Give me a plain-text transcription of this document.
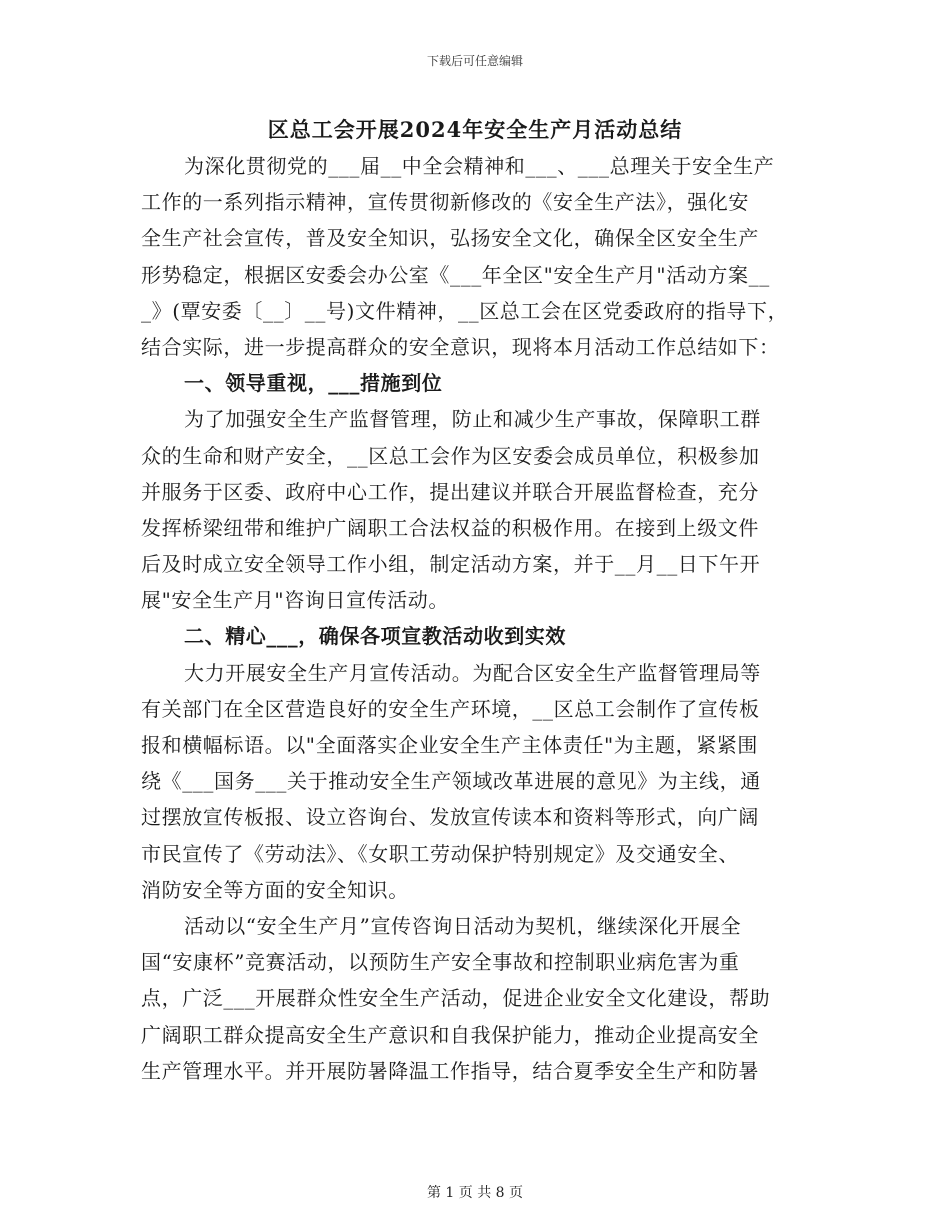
下载后可任意编辑
区总工会开展2024年安全生产月活动总结
为深化贯彻党的___届__中全会精神和___、___总理关于安全生产
工作的一系列指示精神，宣传贯彻新修改的《安全生产法》，强化安
全生产社会宣传，普及安全知识，弘扬安全文化，确保全区安全生产
形势稳定，根据区安委会办公室《___年全区"安全生产月"活动方案__
_》(覃安委〔__〕__号)文件精神，__区总工会在区党委政府的指导下，
结合实际，进一步提高群众的安全意识，现将本月活动工作总结如下：
一、领导重视，___措施到位
为了加强安全生产监督管理，防止和减少生产事故，保障职工群
众的生命和财产安全，__区总工会作为区安委会成员单位，积极参加
并服务于区委、政府中心工作，提出建议并联合开展监督检查，充分
发挥桥梁纽带和维护广阔职工合法权益的积极作用。在接到上级文件
后及时成立安全领导工作小组，制定活动方案，并于__月__日下午开
展"安全生产月"咨询日宣传活动。
二、精心___，确保各项宣教活动收到实效
大力开展安全生产月宣传活动。为配合区安全生产监督管理局等
有关部门在全区营造良好的安全生产环境，__区总工会制作了宣传板
报和横幅标语。以"全面落实企业安全生产主体责任"为主题，紧紧围
绕《___国务___关于推动安全生产领域改革进展的意见》为主线，通
过摆放宣传板报、设立咨询台、发放宣传读本和资料等形式，向广阔
市民宣传了《劳动法》、《女职工劳动保护特别规定》及交通安全、
消防安全等方面的安全知识。
活动以“安全生产月”宣传咨询日活动为契机，继续深化开展全
国“安康杯”竞赛活动，以预防生产安全事故和控制职业病危害为重
点，广泛___开展群众性安全生产活动，促进企业安全文化建设，帮助
广阔职工群众提高安全生产意识和自我保护能力，推动企业提高安全
生产管理水平。并开展防暑降温工作指导，结合夏季安全生产和防暑
第 1 页 共 8 页
